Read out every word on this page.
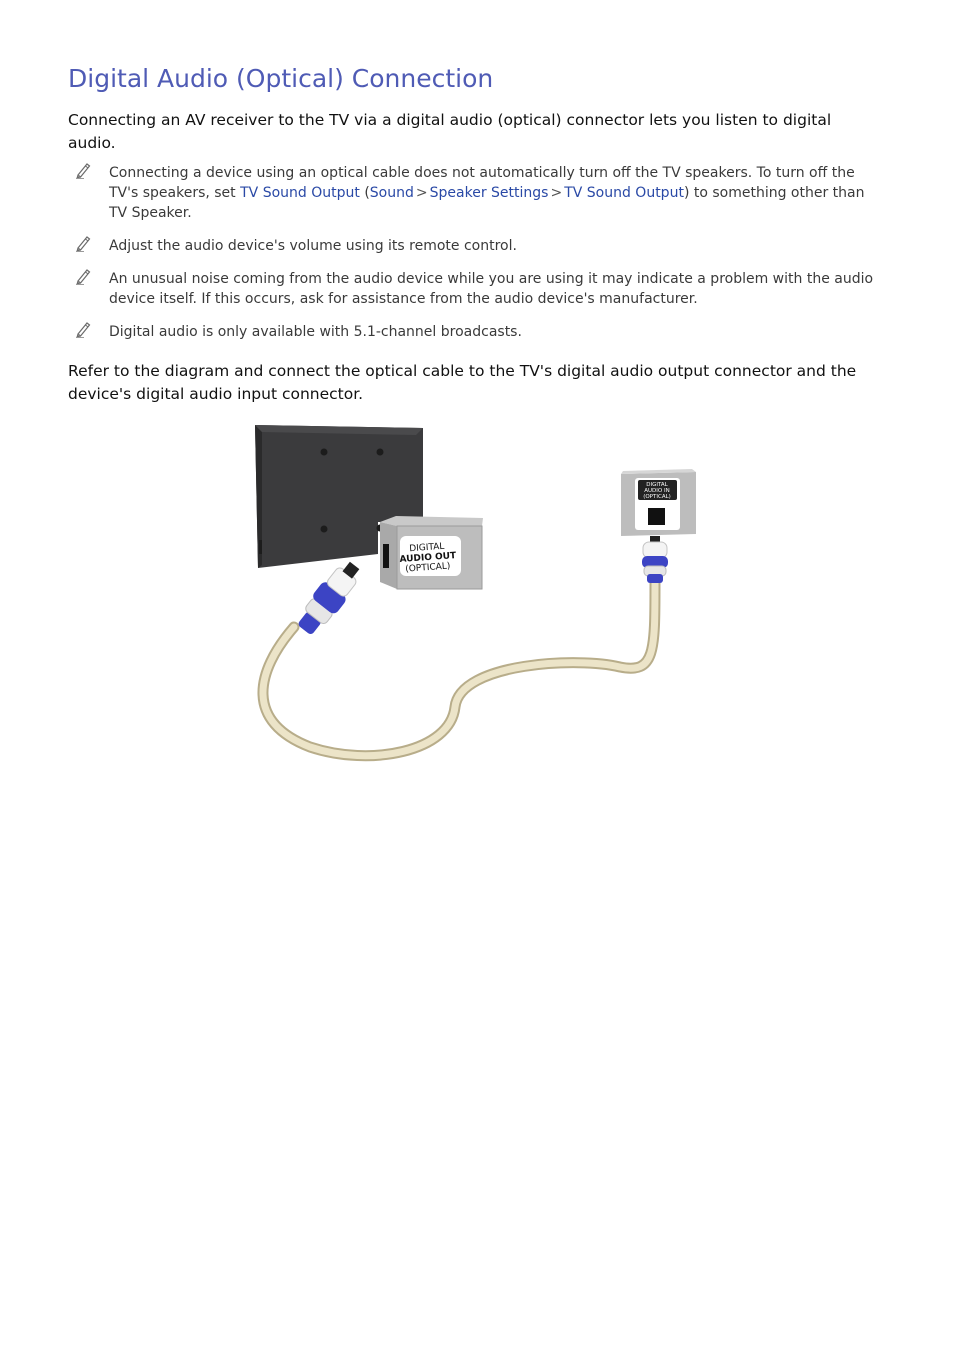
Digital Audio (Optical) Connection

Connecting an AV receiver to the TV via a digital audio (optical) connector lets you listen to digital audio.

Connecting a device using an optical cable does not automatically turn off the TV speakers. To turn off the TV's speakers, set TV Sound Output (Sound > Speaker Settings > TV Sound Output) to something other than TV Speaker.
Adjust the audio device's volume using its remote control.
An unusual noise coming from the audio device while you are using it may indicate a problem with the audio device itself. If this occurs, ask for assistance from the audio device's manufacturer.
Digital audio is only available with 5.1-channel broadcasts.

Refer to the diagram and connect the optical cable to the TV's digital audio output connector and the device's digital audio input connector.

DIGITAL
AUDIO OUT
(OPTICAL)
DIGITAL
AUDIO IN
(OPTICAL)
